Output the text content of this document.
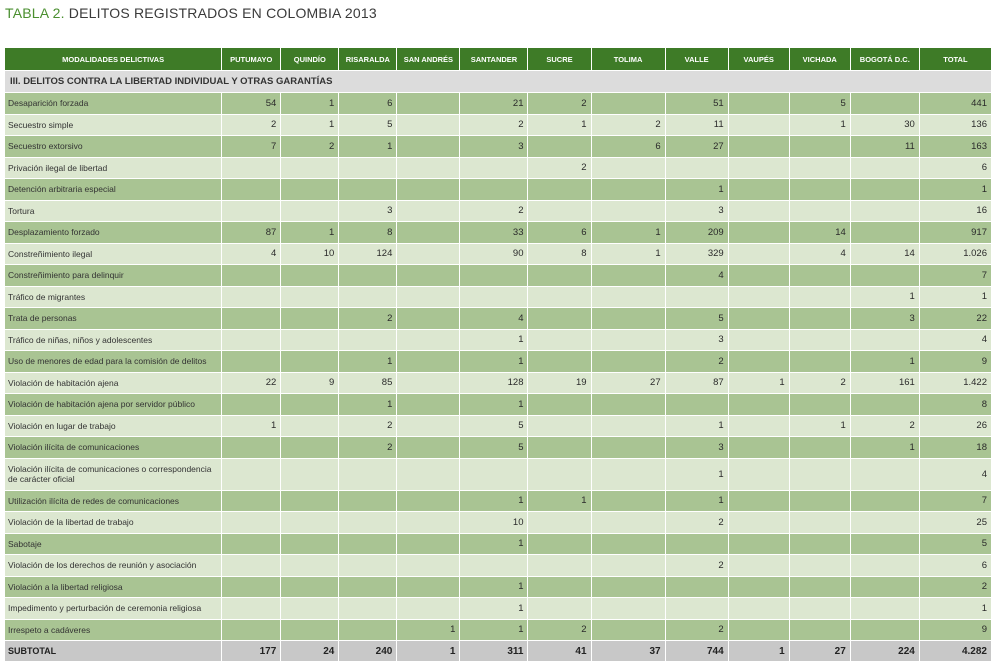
TABLA 2. DELITOS REGISTRADOS EN COLOMBIA 2013
MODALIDADES DELICTIVAS	PUTUMAYO	QUINDÍO	RISARALDA	SAN ANDRÉS	SANTANDER	SUCRE	TOLIMA	VALLE	VAUPÉS	VICHADA	BOGOTÁ D.C.	TOTAL
III. DELITOS CONTRA LA LIBERTAD INDIVIDUAL Y OTRAS GARANTÍAS												
Desaparición forzada	54	1	6		21	2		51		5		441
Secuestro simple	2	1	5		2	1	2	11		1	30	136
Secuestro extorsivo	7	2	1		3		6	27			11	163
Privación ilegal de libertad						2						6
Detención arbitraria especial								1				1
Tortura			3		2			3				16
Desplazamiento forzado	87	1	8		33	6	1	209		14		917
Constreñimiento ilegal	4	10	124		90	8	1	329		4	14	1.026
Constreñimiento para delinquir								4				7
Tráfico de migrantes											1	1
Trata de personas			2		4			5			3	22
Tráfico de niñas, niños y adolescentes					1			3				4
Uso de menores de edad para la comisión de delitos			1		1			2			1	9
Violación de habitación ajena	22	9	85		128	19	27	87	1	2	161	1.422
Violación de habitación ajena por servidor público			1		1							8
Violación en lugar de trabajo	1		2		5			1		1	2	26
Violación ilícita de comunicaciones			2		5			3			1	18
Violación ilícita de comunicaciones o correspondencia de carácter oficial								1				4
Utilización ilícita de redes de comunicaciones					1	1		1				7
Violación de la libertad de trabajo					10			2				25
Sabotaje					1							5
Violación de los derechos de reunión y asociación								2				6
Violación a la libertad religiosa					1							2
Impedimento y perturbación de ceremonia religiosa					1							1
Irrespeto a cadáveres				1	1	2		2				9
SUBTOTAL	177	24	240	1	311	41	37	744	1	27	224	4.282
